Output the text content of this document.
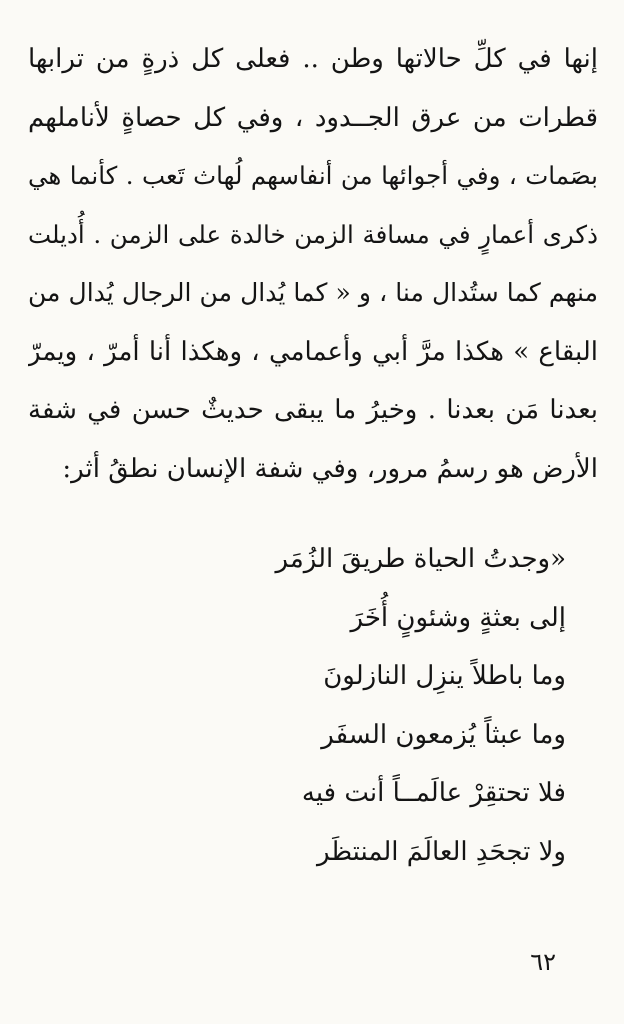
إنها في كلِّ حالاتها وطن .. فعلى كل ذرةٍ من ترابها
قطرات من عرق الجــدود ، وفي كل حصاةٍ لأناملهم
بصَمات ، وفي أجوائها من أنفاسهم لُهاث تَعب . كأنما هي
ذكرى أعمارٍ في مسافة الزمن خالدة على الزمن . أُديلت
منهم كما ستُدال منا ، و « كما يُدال من الرجال يُدال من
البقاع » هكذا مرَّ أبي وأعمامي ، وهكذا أنا أمرّ ، ويمرّ
بعدنا مَن بعدنا . وخيرُ ما يبقى حديثٌ حسن في شفة
الأرض هو رسمُ مرور، وفي شفة الإنسان نطقُ أثر:
«وجدتُ الحياة طريقَ الزُمَر
إلى بعثةٍ وشئونٍ أُخَرَ
وما باطلاً ينزِل النازلونَ
وما عبثاً يُزمعون السفَر
فلا تحتقِرْ عالَمــاً أنت فيه
ولا تجحَدِ العالَمَ المنتظَر
٦٢
